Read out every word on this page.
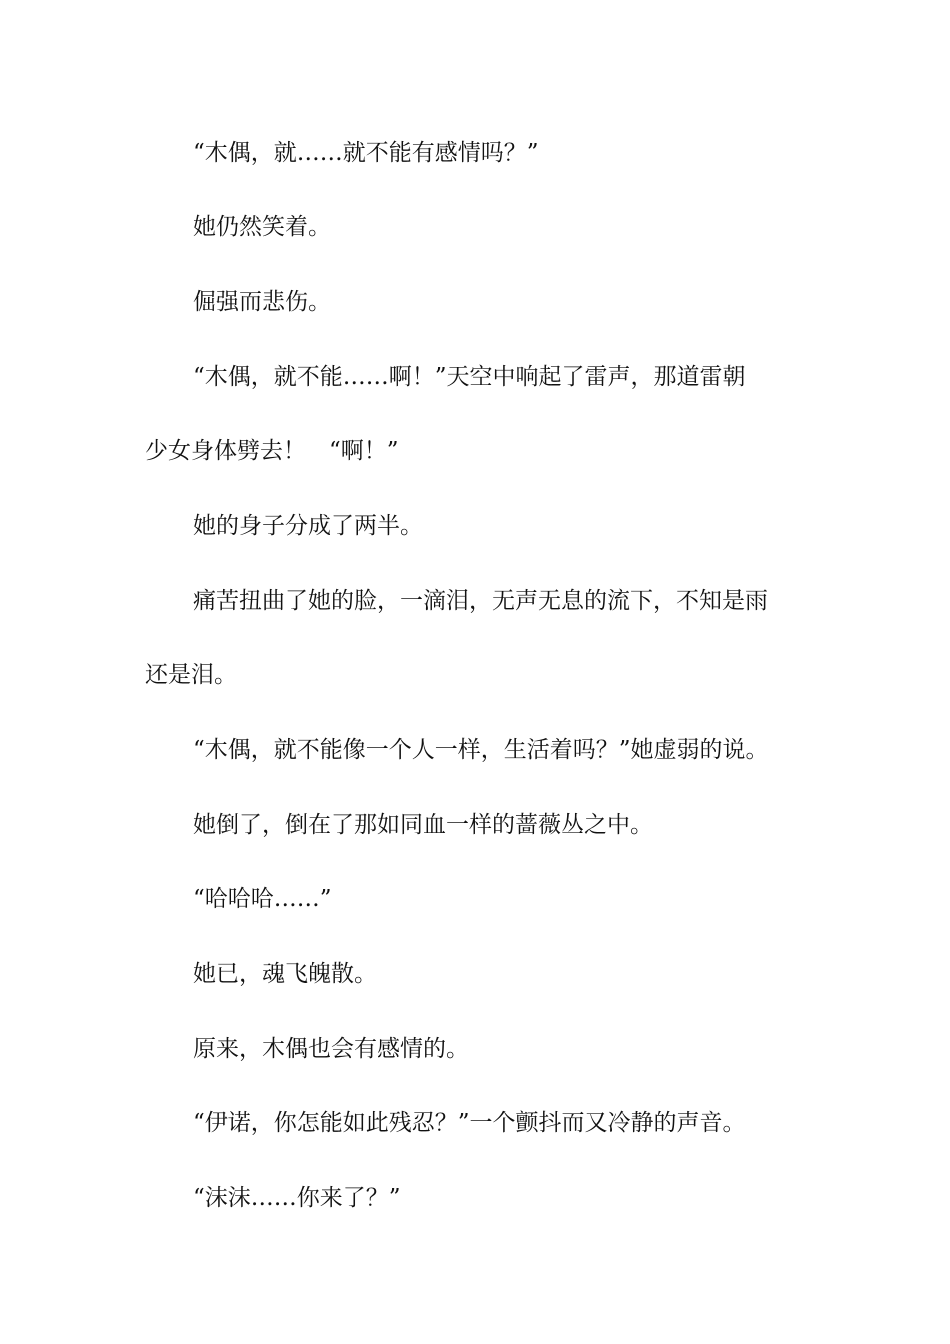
“木偶，就……就不能有感情吗？”

她仍然笑着。

倔强而悲伤。

“木偶，就不能……啊！”天空中响起了雷声，那道雷朝

少女身体劈去！　“啊！”

她的身子分成了两半。

痛苦扭曲了她的脸，一滴泪，无声无息的流下，不知是雨

还是泪。

“木偶，就不能像一个人一样，生活着吗？”她虚弱的说。

她倒了，倒在了那如同血一样的蔷薇丛之中。

“哈哈哈……”

她已，魂飞魄散。

原来，木偶也会有感情的。

“伊诺，你怎能如此残忍？”一个颤抖而又冷静的声音。

“沫沫……你来了？”
